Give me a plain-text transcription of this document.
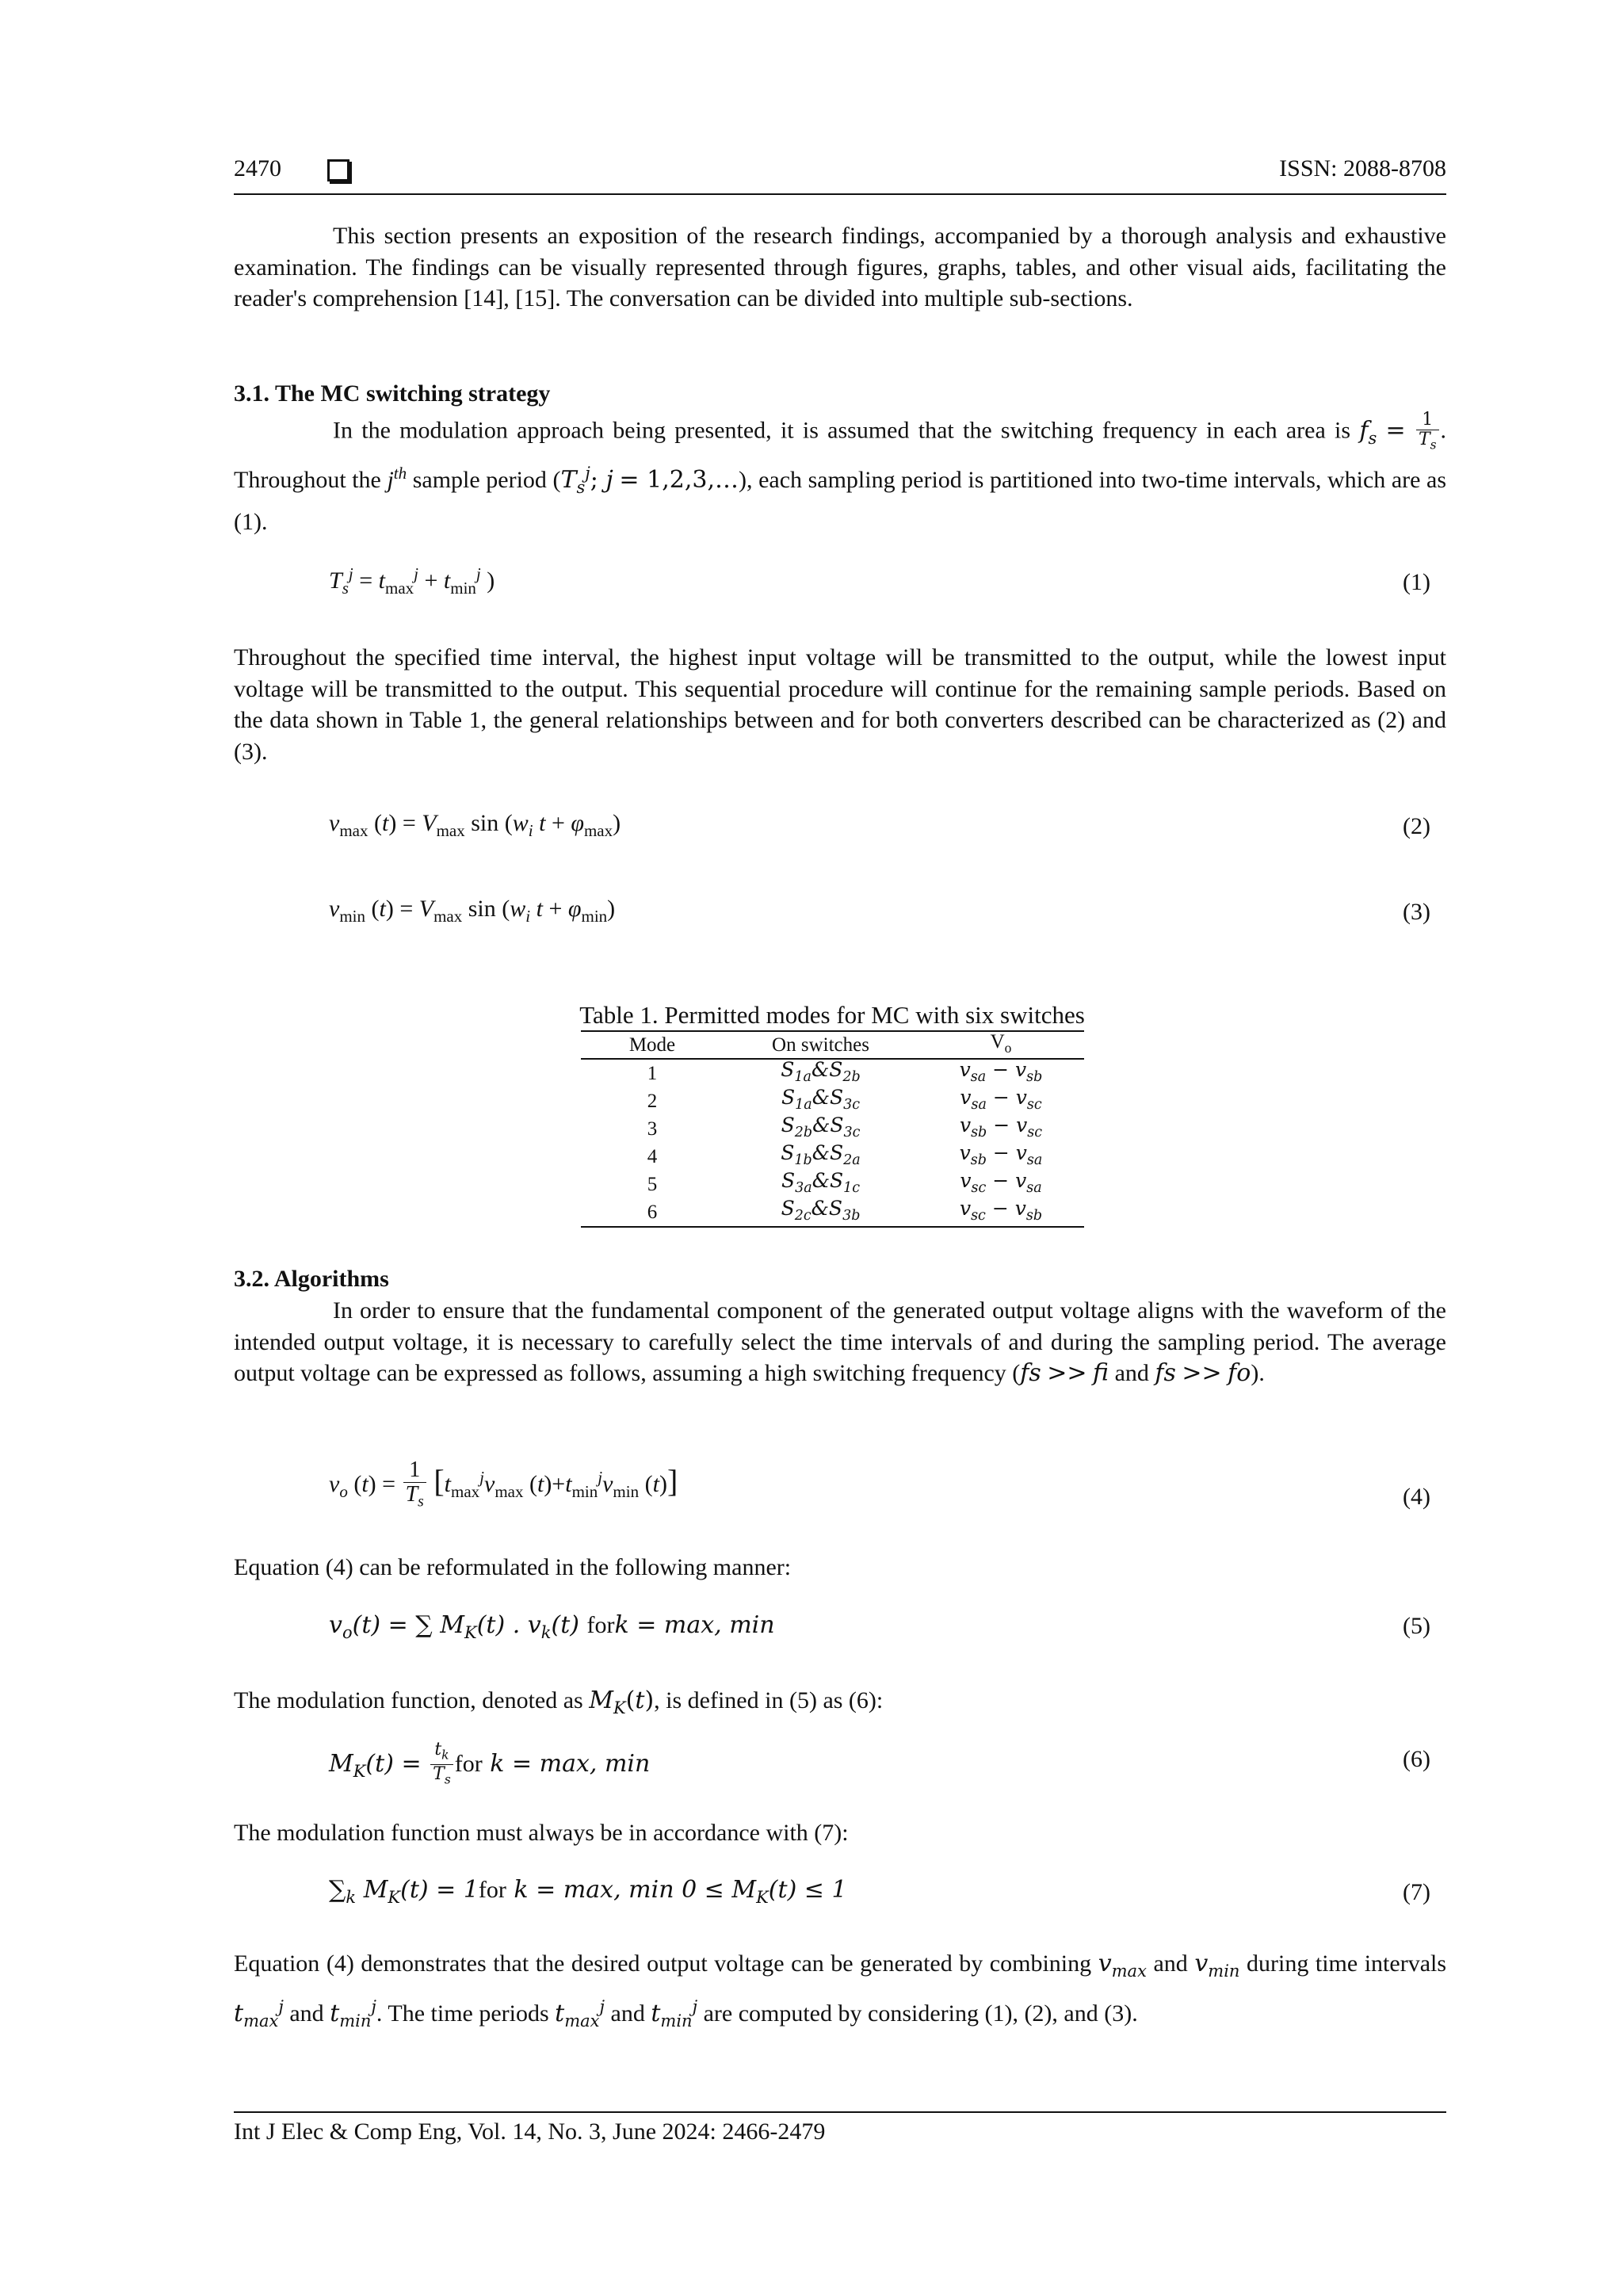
2470	ISSN: 2088-8708
This section presents an exposition of the research findings, accompanied by a thorough analysis and exhaustive examination. The findings can be visually represented through figures, graphs, tables, and other visual aids, facilitating the reader's comprehension [14], [15]. The conversation can be divided into multiple sub-sections.
3.1. The MC switching strategy
In the modulation approach being presented, it is assumed that the switching frequency in each area is $f_s = \frac{1}{T_s}$ . Throughout the $j^{th}$ sample period ($T_s^j$; j = 1,2,3,…), each sampling period is partitioned into two-time intervals, which are as (1).
$T_s^j = t_{max}^j + t_{min}^j$ )	(1)
Throughout the specified time interval, the highest input voltage will be transmitted to the output, while the lowest input voltage will be transmitted to the output. This sequential procedure will continue for the remaining sample periods. Based on the data shown in Table 1, the general relationships between and for both converters described can be characterized as (2) and (3).
$v_{max}$ $(t) = V_{max}$ $\sin (w_i$ $t + \varphi_{max}$)	(2)
$v_{min}$ $(t) = V_{max}$ $\sin (w_i$ $t + \varphi_{min}$)	(3)
Table 1. Permitted modes for MC with six switches
Mode	On switches	$V_o$
1	$S_{1a}\&S_{2b}$	$v_{sa} - v_{sb}$
2	$S_{1a}\&S_{3c}$	$v_{sa} - v_{sc}$
3	$S_{2b}\&S_{3c}$	$v_{sb} - v_{sc}$
4	$S_{1b}\&S_{2a}$	$v_{sb} - v_{sa}$
5	$S_{3a}\&S_{1c}$	$v_{sc} - v_{sa}$
6	$S_{2c}\&S_{3b}$	$v_{sc} - v_{sb}$
3.2. Algorithms
In order to ensure that the fundamental component of the generated output voltage aligns with the waveform of the intended output voltage, it is necessary to carefully select the time intervals of and during the sampling period. The average output voltage can be expressed as follows, assuming a high switching frequency (fs >> fi and fs >> fo).
$v_o$ $(t) = \frac{1}{T_s} [t_{max}^jv_{max}$ $(t)+t_{min}^jv_{min}$ (t)]	(4)
Equation (4) can be reformulated in the following manner:
$v_o(t)$ = ∑ $M_K(t)$ . $v_k(t)$ fork = max, min	(5)
The modulation function, denoted as $M_K(t)$, is defined in (5) as (6):
$M_K(t) = \frac{t_k}{T_s}$ for k = max, min	(6)
The modulation function must always be in accordance with (7):
$\sum_k$ $M_K(t) = 1for$ k = max, $\min 0 \le M_K(t) \le 1$	(7)
Equation (4) demonstrates that the desired output voltage can be generated by combining $v_{max}$ and $v_{min}$ during time intervals $t_{max}^j$ and $t_{min}^j$. The time periods $t_{max}^j$ and $t_{min}^j$ are computed by considering (1), (2), and (3).
Int J Elec & Comp Eng, Vol. 14, No. 3, June 2024: 2466-2479
